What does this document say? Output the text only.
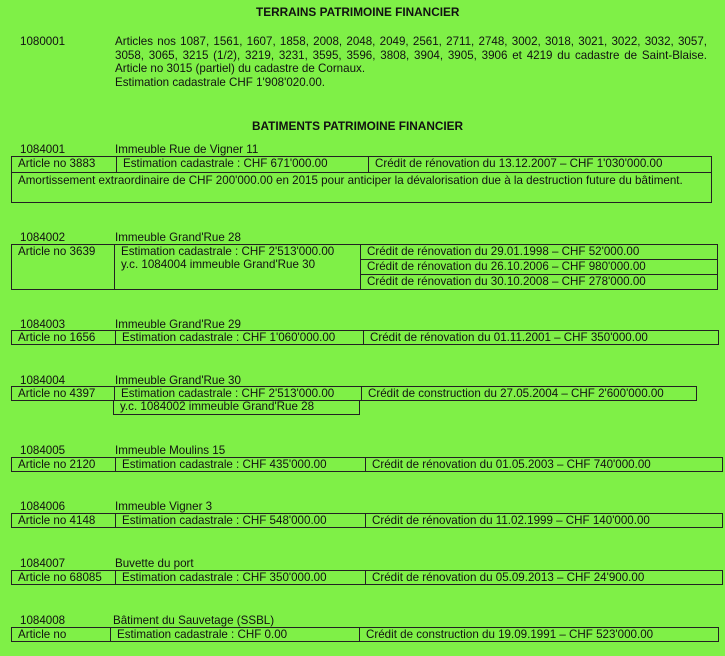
TERRAINS PATRIMOINE FINANCIER
1080001	Articles nos 1087, 1561, 1607, 1858, 2008, 2048, 2049, 2561, 2711, 2748, 3002, 3018, 3021, 3022, 3032, 3057, 3058, 3065, 3215 (1/2), 3219, 3231, 3595, 3596, 3808, 3904, 3905, 3906 et 4219 du cadastre de Saint-Blaise. Article no 3015 (partiel) du cadastre de Cornaux.
Estimation cadastrale CHF 1'908'020.00.
BATIMENTS PATRIMOINE FINANCIER
1084001	Immeuble Rue de Vigner 11
Article no 3883	Estimation cadastrale : CHF 671'000.00	Crédit de rénovation du 13.12.2007 – CHF 1'030'000.00
Amortissement extraordinaire de CHF 200'000.00 en 2015 pour anticiper la dévalorisation due à la destruction future du bâtiment.
1084002	Immeuble Grand'Rue 28
Article no 3639	Estimation cadastrale : CHF 2'513'000.00
y.c. 1084004 immeuble Grand'Rue 30
Crédit de rénovation du 29.01.1998 – CHF 52'000.00
Crédit de rénovation du 26.10.2006 – CHF 980'000.00
Crédit de rénovation du 30.10.2008 – CHF 278'000.00
1084003	Immeuble Grand'Rue 29
Article no 1656	Estimation cadastrale : CHF 1'060'000.00	Crédit de rénovation du 01.11.2001 – CHF 350'000.00
1084004	Immeuble Grand'Rue 30
Article no 4397	Estimation cadastrale : CHF 2'513'000.00	Crédit de construction du 27.05.2004 – CHF 2'600'000.00
y.c. 1084002 immeuble Grand'Rue 28
1084005	Immeuble Moulins 15
Article no 2120	Estimation cadastrale : CHF 435'000.00	Crédit de rénovation du 01.05.2003 – CHF 740'000.00
1084006	Immeuble Vigner 3
Article no 4148	Estimation cadastrale : CHF 548'000.00	Crédit de rénovation du 11.02.1999 – CHF 140'000.00
1084007	Buvette du port
Article no 68085	Estimation cadastrale : CHF 350'000.00	Crédit de rénovation du 05.09.2013 – CHF 24'900.00
1084008	Bâtiment du Sauvetage (SSBL)
Article no	Estimation cadastrale : CHF 0.00	Crédit de construction du 19.09.1991 – CHF 523'000.00
